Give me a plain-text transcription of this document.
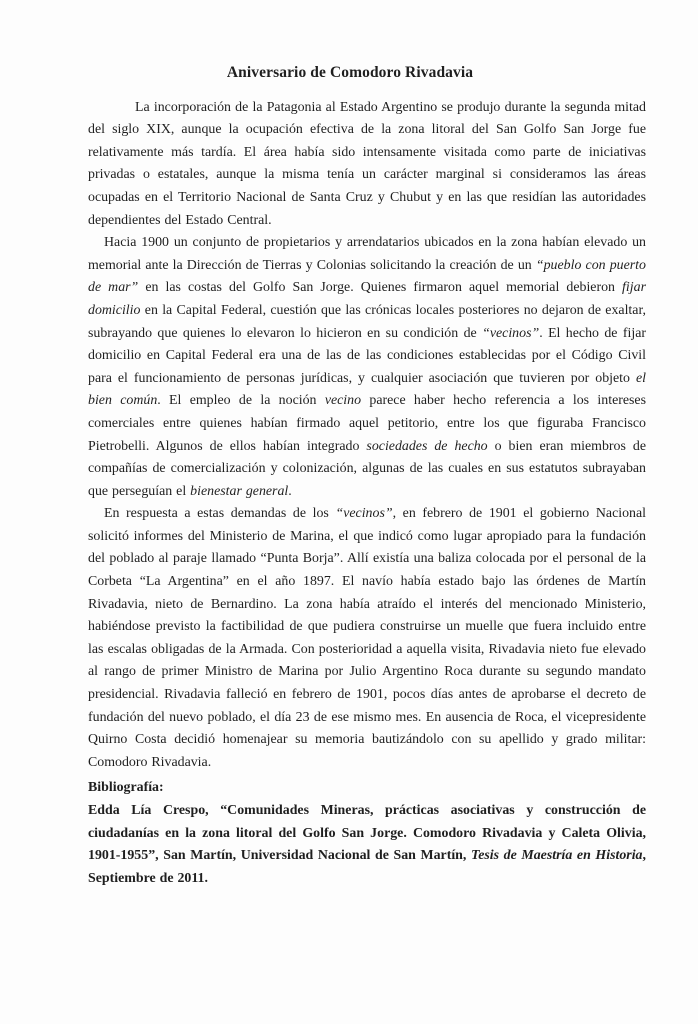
Aniversario de Comodoro Rivadavia

La incorporación de la Patagonia al Estado Argentino se produjo durante la segunda mitad del siglo XIX, aunque la ocupación efectiva de la zona litoral del San Golfo San Jorge fue relativamente más tardía. El área había sido intensamente visitada como parte de iniciativas privadas o estatales, aunque la misma tenía un carácter marginal si consideramos las áreas ocupadas en el Territorio Nacional de Santa Cruz y Chubut y en las que residían las autoridades dependientes del Estado Central.

Hacia 1900 un conjunto de propietarios y arrendatarios ubicados en la zona habían elevado un memorial ante la Dirección de Tierras y Colonias solicitando la creación de un “pueblo con puerto de mar” en las costas del Golfo San Jorge. Quienes firmaron aquel memorial debieron fijar domicilio en la Capital Federal, cuestión que las crónicas locales posteriores no dejaron de exaltar, subrayando que quienes lo elevaron lo hicieron en su condición de “vecinos”. El hecho de fijar domicilio en Capital Federal era una de las de las condiciones establecidas por el Código Civil para el funcionamiento de personas jurídicas, y cualquier asociación que tuvieren por objeto el bien común. El empleo de la noción vecino parece haber hecho referencia a los intereses comerciales entre quienes habían firmado aquel petitorio, entre los que figuraba Francisco Pietrobelli. Algunos de ellos habían integrado sociedades de hecho o bien eran miembros de compañías de comercialización y colonización, algunas de las cuales en sus estatutos subrayaban que perseguían el bienestar general.

En respuesta a estas demandas de los “vecinos”, en febrero de 1901 el gobierno Nacional solicitó informes del Ministerio de Marina, el que indicó como lugar apropiado para la fundación del poblado al paraje llamado “Punta Borja”. Allí existía una baliza colocada por el personal de la Corbeta “La Argentina” en el año 1897. El navío había estado bajo las órdenes de Martín Rivadavia, nieto de Bernardino. La zona había atraído el interés del mencionado Ministerio, habiéndose previsto la factibilidad de que pudiera construirse un muelle que fuera incluido entre las escalas obligadas de la Armada. Con posterioridad a aquella visita, Rivadavia nieto fue elevado al rango de primer Ministro de Marina por Julio Argentino Roca durante su segundo mandato presidencial. Rivadavia falleció en febrero de 1901, pocos días antes de aprobarse el decreto de fundación del nuevo poblado, el día 23 de ese mismo mes. En ausencia de Roca, el vicepresidente Quirno Costa decidió homenajear su memoria bautizándolo con su apellido y grado militar: Comodoro Rivadavia.

Bibliografía:

Edda Lía Crespo, “Comunidades Mineras, prácticas asociativas y construcción de ciudadanías en la zona litoral del Golfo San Jorge. Comodoro Rivadavia y Caleta Olivia, 1901-1955”, San Martín, Universidad Nacional de San Martín, Tesis de Maestría en Historia, Septiembre de 2011.
